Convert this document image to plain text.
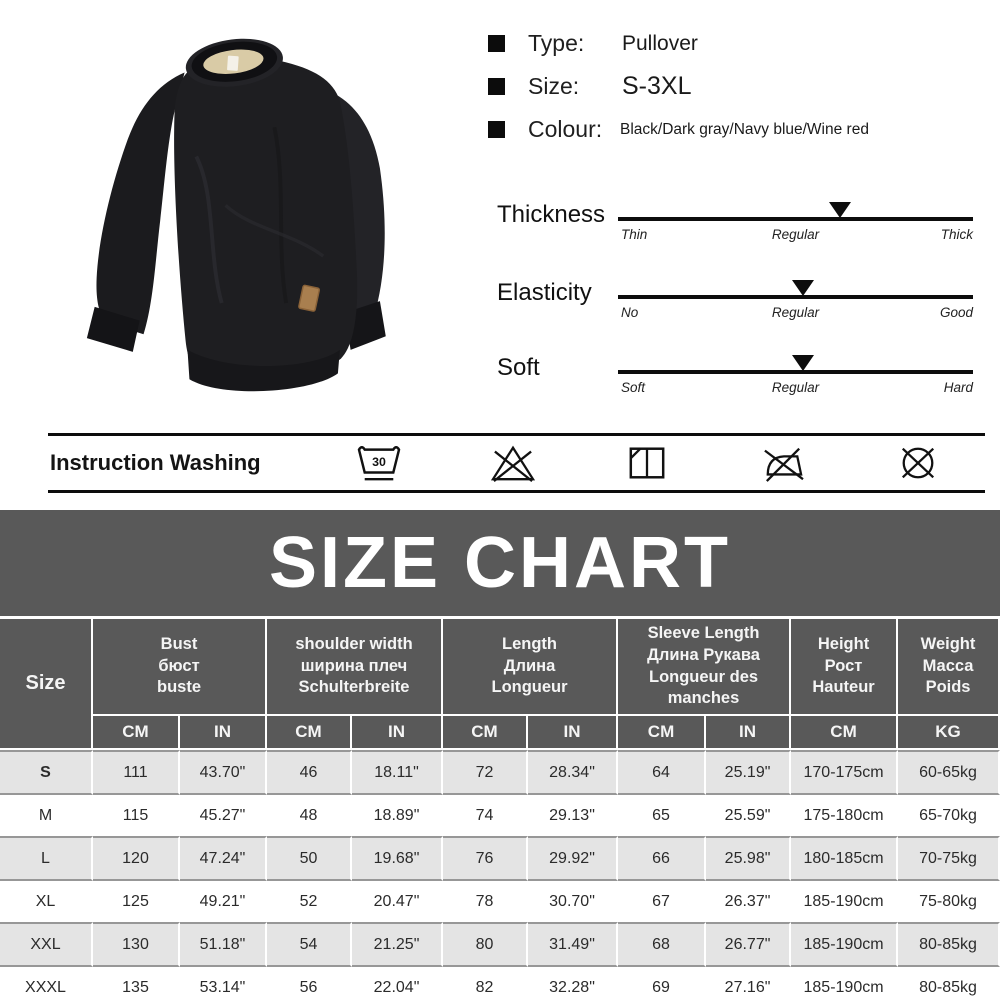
Type:	Pullover
Size:	S-3XL
Colour:	Black/Dark gray/Navy blue/Wine red
Thickness
Thin	Regular	Thick
Elasticity
No	Regular	Good
Soft
Soft	Regular	Hard
Instruction Washing	30
SIZE CHART
Size

Bust
бюст
buste

shoulder width
ширина плеч
Schulterbreite

Length
Длина
Longueur

Sleeve Length
Длина Рукава
Longueur des manches

Height
Рост
Hauteur

Weight
Масса
Poids

	CM	IN	CM	IN	CM	IN	CM	IN	CM	KG
S	111	43.70"	46	18.11"	72	28.34"	64	25.19"	170-175cm	60-65kg
M	115	45.27"	48	18.89"	74	29.13"	65	25.59"	175-180cm	65-70kg
L	120	47.24"	50	19.68"	76	29.92"	66	25.98"	180-185cm	70-75kg
XL	125	49.21"	52	20.47"	78	30.70"	67	26.37"	185-190cm	75-80kg
XXL	130	51.18"	54	21.25"	80	31.49"	68	26.77"	185-190cm	80-85kg
XXXL	135	53.14"	56	22.04"	82	32.28"	69	27.16"	185-190cm	80-85kg
